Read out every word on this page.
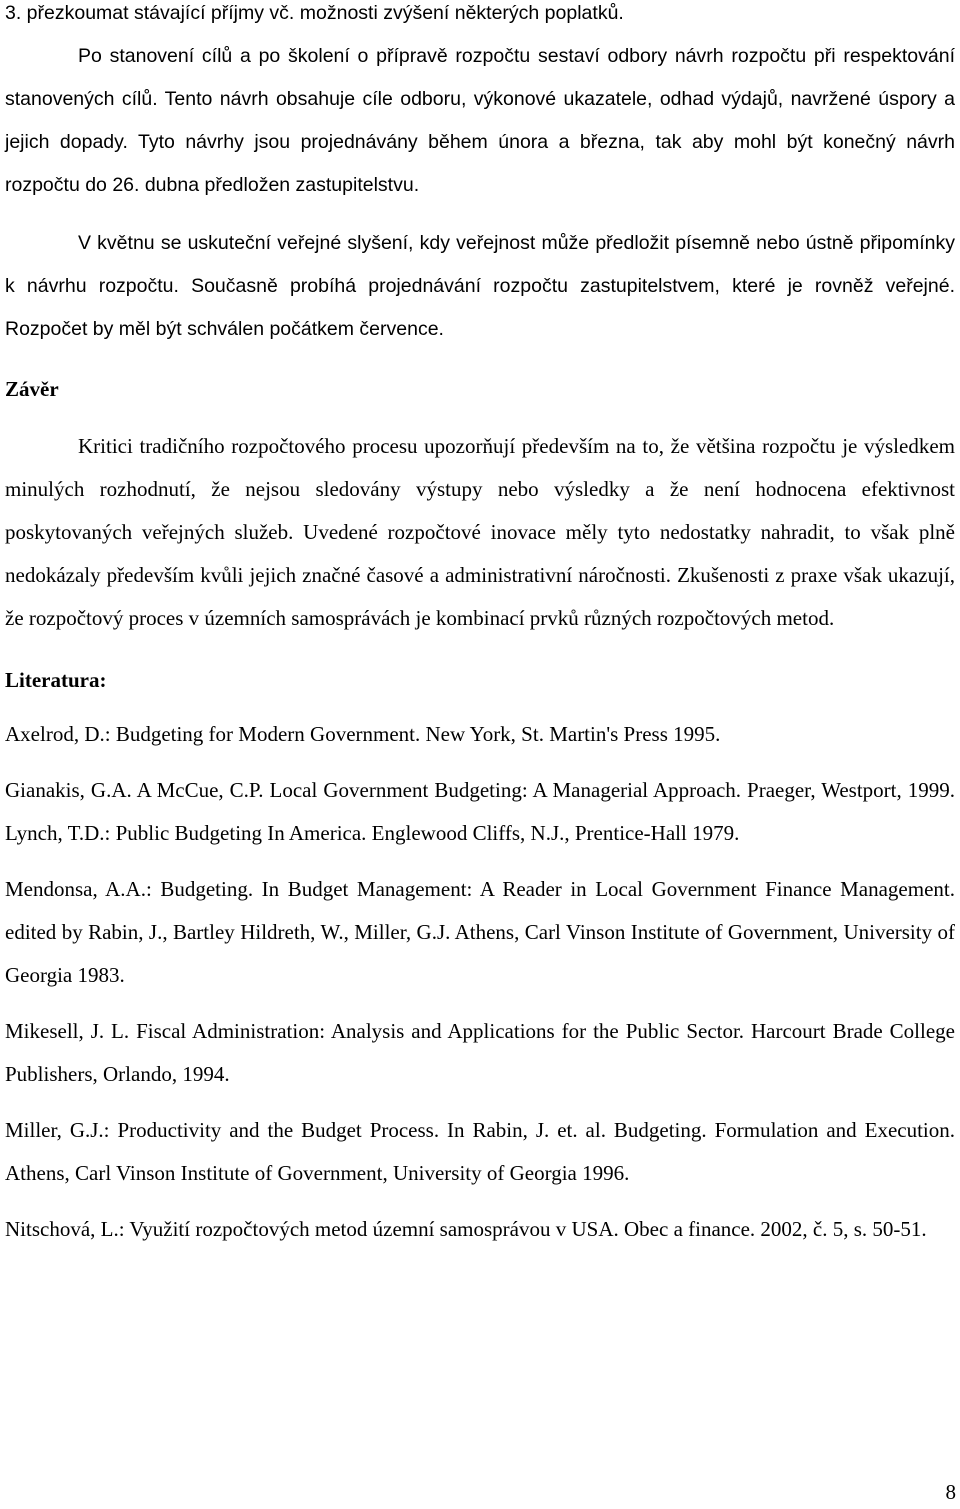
3. přezkoumat stávající příjmy vč. možnosti zvýšení některých poplatků.

Po stanovení cílů a po školení o přípravě rozpočtu sestaví odbory návrh rozpočtu při respektování stanovených cílů. Tento návrh obsahuje cíle odboru, výkonové ukazatele, odhad výdajů, navržené úspory a jejich dopady. Tyto návrhy jsou projednávány během února a března, tak aby mohl být konečný návrh rozpočtu do 26. dubna předložen zastupitelstvu.

V květnu se uskuteční veřejné slyšení, kdy veřejnost může předložit písemně nebo ústně připomínky k návrhu rozpočtu. Současně probíhá projednávání rozpočtu zastupitelstvem, které je rovněž veřejné. Rozpočet by měl být schválen počátkem července.

Závěr

Kritici tradičního rozpočtového procesu upozorňují především na to, že většina rozpočtu je výsledkem minulých rozhodnutí, že nejsou sledovány výstupy nebo výsledky a že není hodnocena efektivnost poskytovaných veřejných služeb. Uvedené rozpočtové inovace měly tyto nedostatky nahradit, to však plně nedokázaly především kvůli jejich značné časové a administrativní náročnosti. Zkušenosti z praxe však ukazují, že rozpočtový proces v územních samosprávách je kombinací prvků různých rozpočtových metod.

Literatura:

Axelrod, D.: Budgeting for Modern Government. New York, St. Martin's Press 1995.

Gianakis, G.A. A McCue, C.P. Local Government Budgeting: A Managerial Approach. Praeger, Westport, 1999. Lynch, T.D.: Public Budgeting In America. Englewood Cliffs, N.J., Prentice-Hall 1979.

Mendonsa, A.A.: Budgeting. In Budget Management: A Reader in Local Government Finance Management. edited by Rabin, J., Bartley Hildreth, W., Miller, G.J. Athens, Carl Vinson Institute of Government, University of Georgia 1983.

Mikesell, J. L. Fiscal Administration: Analysis and Applications for the Public Sector. Harcourt Brade College Publishers, Orlando, 1994.

Miller, G.J.: Productivity and the Budget Process. In Rabin, J. et. al. Budgeting. Formulation and Execution. Athens, Carl Vinson Institute of Government, University of Georgia 1996.

Nitschová, L.: Využití rozpočtových metod územní samosprávou v USA. Obec a finance. 2002, č. 5, s. 50-51.

8
